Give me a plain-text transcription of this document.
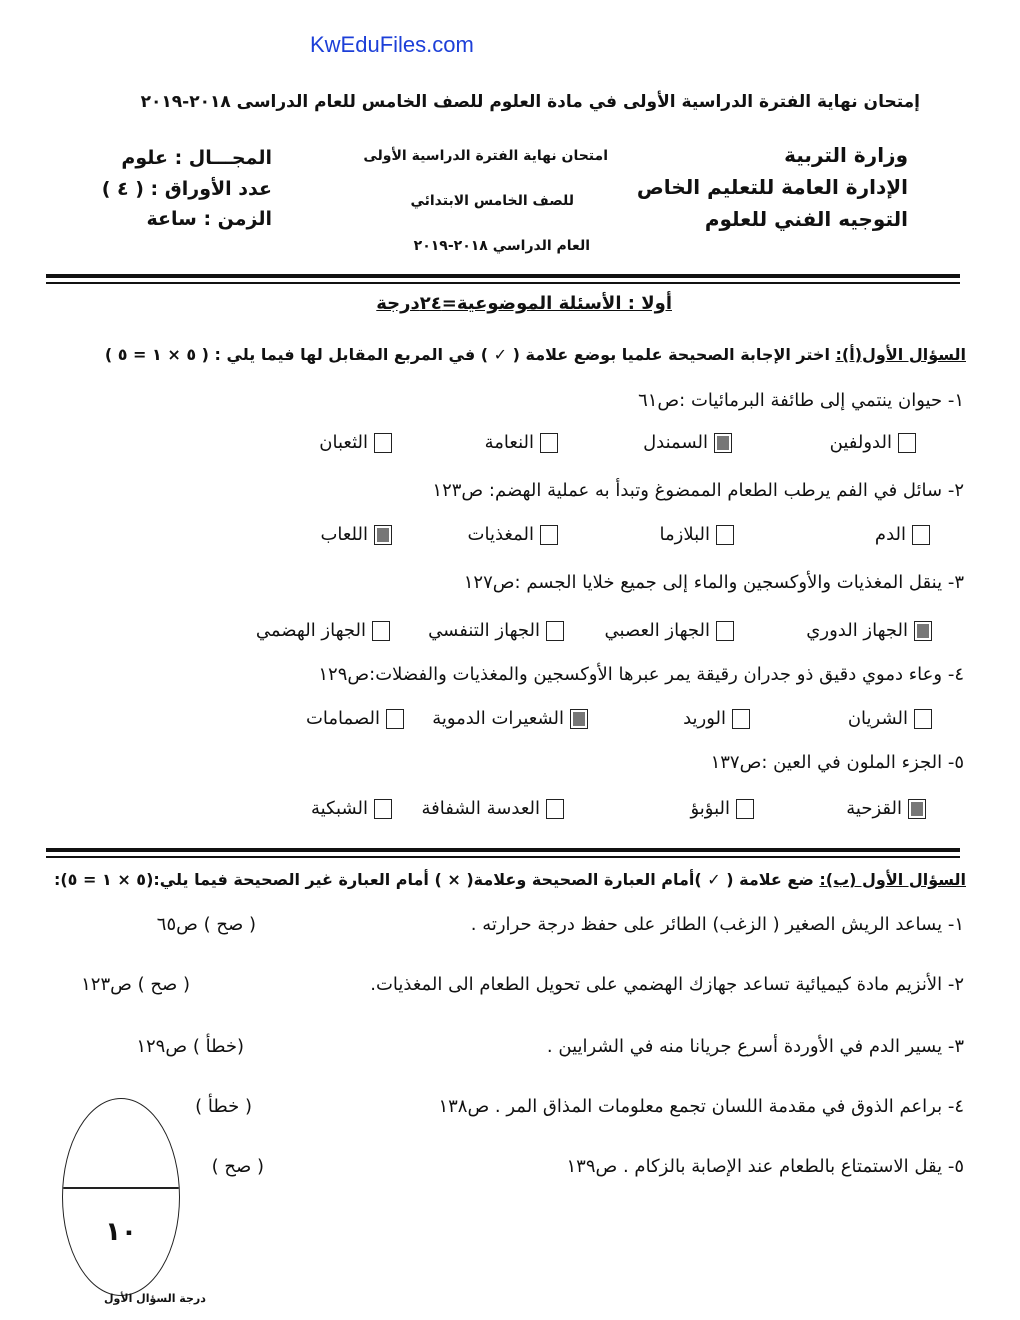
KwEduFiles.com
إمتحان نهاية الفترة الدراسية الأولى في مادة العلوم للصف الخامس للعام الدراسى ٢٠١٨-٢٠١٩
وزارة التربية
الإدارة العامة للتعليم الخاص
التوجيه الفني للعلوم
امتحان نهاية الفترة الدراسية الأولى
للصف الخامس الابتدائي
العام الدراسي ٢٠١٨-٢٠١٩
المجـــال : علوم
عدد الأوراق : ( ٤ )
الزمن : ساعة
أولا : الأسئلة الموضوعية=٢٤درجة
السؤال الأول(أ): اختر الإجابة الصحيحة علميا بوضع علامة ( ✓ ) في المربع المقابل لها فيما يلي : ( ٥ × ١ = ٥ )
١- حيوان ينتمي إلى طائفة البرمائيات :ص٦١
الدولفين
السمندل
النعامة
الثعبان
٢- سائل في الفم يرطب الطعام الممضوغ وتبدأ به عملية الهضم: ص١٢٣
الدم
البلازما
المغذيات
اللعاب
٣- ينقل المغذيات والأوكسجين والماء إلى جميع خلايا الجسم :ص١٢٧
الجهاز الدوري
الجهاز العصبي
الجهاز التنفسي
الجهاز الهضمي
٤- وعاء دموي دقيق ذو جدران رقيقة يمر عبرها الأوكسجين والمغذيات والفضلات:ص١٢٩
الشريان
الوريد
الشعيرات الدموية
الصمامات
٥- الجزء الملون في العين :ص١٣٧
القزحية
البؤبؤ
العدسة الشفافة
الشبكية
السؤال الأول (ب): ضع علامة ( ✓ )أمام العبارة الصحيحة وعلامة( × ) أمام العبارة غير الصحيحة فيما يلي:(٥ × ١ = ٥):
١- يساعد الريش الصغير ( الزغب) الطائر على حفظ درجة حرارته .
( صح ) ص٦٥
٢- الأنزيم مادة كيميائية تساعد جهازك الهضمي على تحويل الطعام الى المغذيات.
( صح ) ص١٢٣
٣- يسير الدم في الأوردة أسرع جريانا منه في الشرايين .
(خطأ ) ص١٢٩
٤- براعم الذوق في مقدمة اللسان تجمع معلومات المذاق المر . ص١٣٨
( خطأ )
٥- يقل الاستمتاع بالطعام عند الإصابة بالزكام . ص١٣٩
( صح )
١٠
درجة السؤال الأول
